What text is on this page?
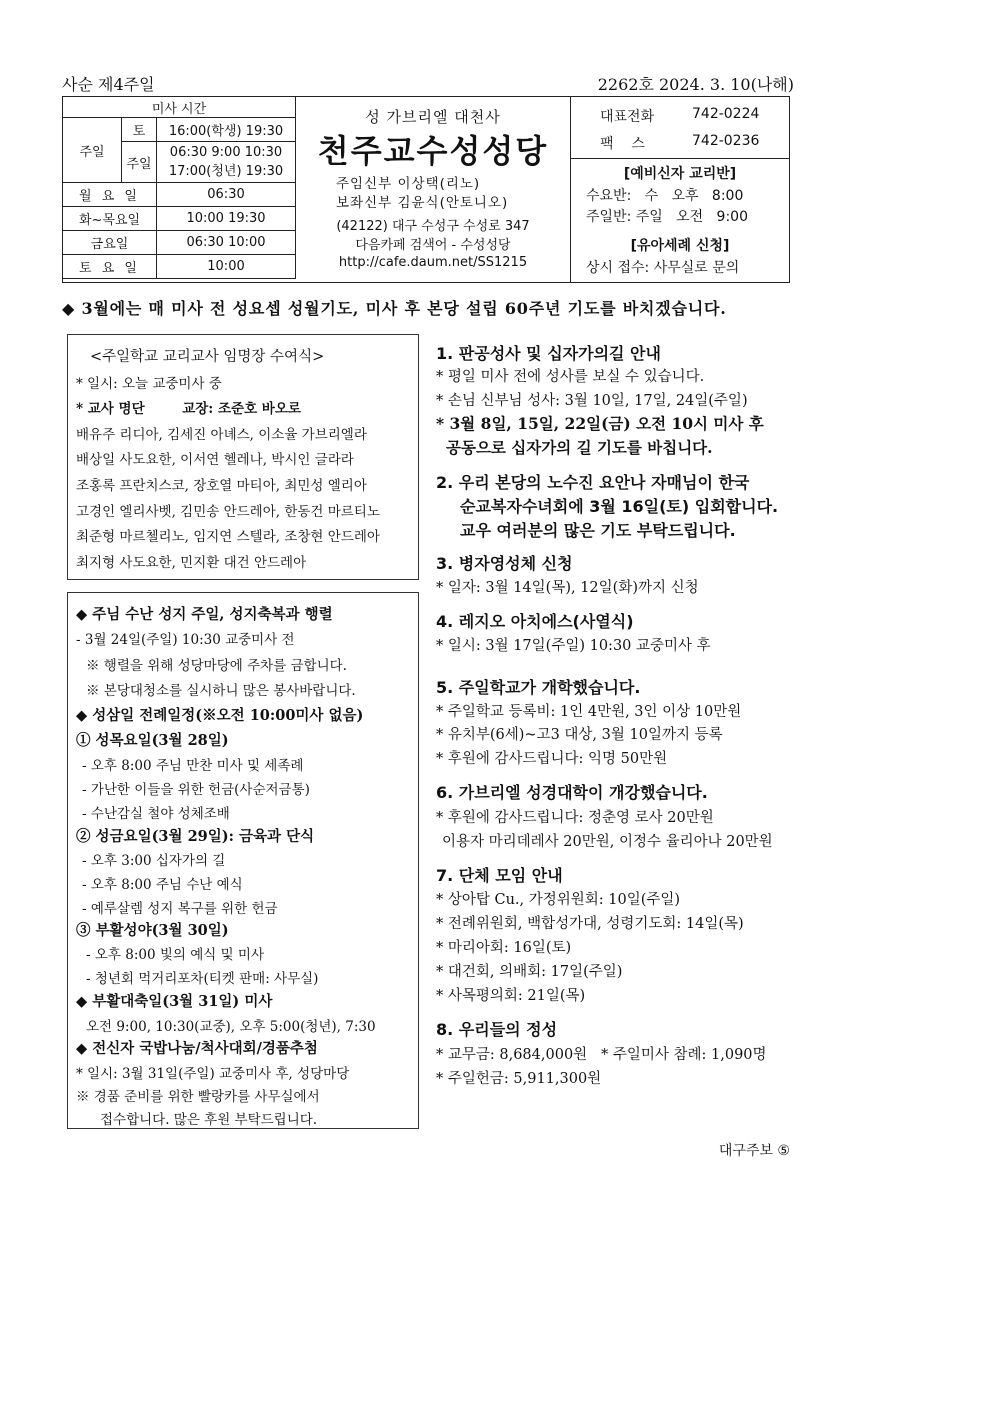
사순 제4주일	2262호 2024. 3. 10(나해)
미사 시간		
주일	토	16:00(학생) 19:30
	주일	06:30 9:00 10:30
17:00(청년) 19:30

월 요 일		06:30
화~목요일		10:00 19:30
금요일		06:30 10:00
토 요 일		10:00
성 가브리엘 대천사
천주교수성성당
주임신부 이상택(리노)
보좌신부 김윤식(안토니오)
(42122) 대구 수성구 수성로 347
다음카페 검색어 - 수성성당
http://cafe.daum.net/SS1215
대표전화	742-0224
팩    스	742-0236
[예비신자 교리반]
수요반:   수   오후   8:00
주일반: 주일   오전   9:00
[유아세례 신청]
상시 접수: 사무실로 문의
◆ 3월에는 매 미사 전 성요셉 성월기도, 미사 후 본당 설립 60주년 기도를 바치겠습니다.
<주일학교 교리교사 임명장 수여식>
* 일시: 오늘 교중미사 중
* 교사 명단        교장: 조준호 바오로
배유주 리디아, 김세진 아녜스, 이소율 가브리엘라
배상일 사도요한, 이서연 헬레나, 박시인 글라라
조홍록 프란치스코, 장호열 마티아, 최민성 엘리아
고경인 엘리사벳, 김민송 안드레아, 한동건 마르티노
최준형 마르첼리노, 임지연 스텔라, 조창현 안드레아
최지형 사도요한, 민지환 대건 안드레아
◆ 주님 수난 성지 주일, 성지축복과 행렬
- 3월 24일(주일) 10:30 교중미사 전
※ 행렬을 위해 성당마당에 주차를 금합니다.
※ 본당대청소를 실시하니 많은 봉사바랍니다.
◆ 성삼일 전례일정(※오전 10:00미사 없음)
① 성목요일(3월 28일)
- 오후 8:00 주님 만찬 미사 및 세족례
- 가난한 이들을 위한 헌금(사순저금통)
- 수난감실 철야 성체조배
② 성금요일(3월 29일): 금육과 단식
- 오후 3:00 십자가의 길
- 오후 8:00 주님 수난 예식
- 예루살렘 성지 복구를 위한 헌금
③ 부활성야(3월 30일)
- 오후 8:00 빛의 예식 및 미사
- 청년회 먹거리포차(티켓 판매: 사무실)
◆ 부활대축일(3월 31일) 미사
오전 9:00, 10:30(교중), 오후 5:00(청년), 7:30
◆ 전신자 국밥나눔/척사대회/경품추첨
* 일시: 3월 31일(주일) 교중미사 후, 성당마당
※ 경품 준비를 위한 빨랑카를 사무실에서
접수합니다. 많은 후원 부탁드립니다.
1. 판공성사 및 십자가의길 안내
* 평일 미사 전에 성사를 보실 수 있습니다.
* 손님 신부님 성사: 3월 10일, 17일, 24일(주일)
* 3월 8일, 15일, 22일(금) 오전 10시 미사 후
공동으로 십자가의 길 기도를 바칩니다.
2. 우리 본당의 노수진 요안나 자매님이 한국
순교복자수녀회에 3월 16일(토) 입회합니다.
교우 여러분의 많은 기도 부탁드립니다.
3. 병자영성체 신청
* 일자: 3월 14일(목), 12일(화)까지 신청
4. 레지오 아치에스(사열식)
* 일시: 3월 17일(주일) 10:30 교중미사 후
5. 주일학교가 개학했습니다.
* 주일학교 등록비: 1인 4만원, 3인 이상 10만원
* 유치부(6세)~고3 대상, 3월 10일까지 등록
* 후원에 감사드립니다: 익명 50만원
6. 가브리엘 성경대학이 개강했습니다.
* 후원에 감사드립니다: 정춘영 로사 20만원
이용자 마리데레사 20만원, 이정수 율리아나 20만원
7. 단체 모임 안내
* 상아탑 Cu., 가정위원회: 10일(주일)
* 전례위원회, 백합성가대, 성령기도회: 14일(목)
* 마리아회: 16일(토)
* 대건회, 의배회: 17일(주일)
* 사목평의회: 21일(목)
8. 우리들의 정성
* 교무금: 8,684,000원   * 주일미사 참례: 1,090명
* 주일헌금: 5,911,300원
대구주보 ⑤
